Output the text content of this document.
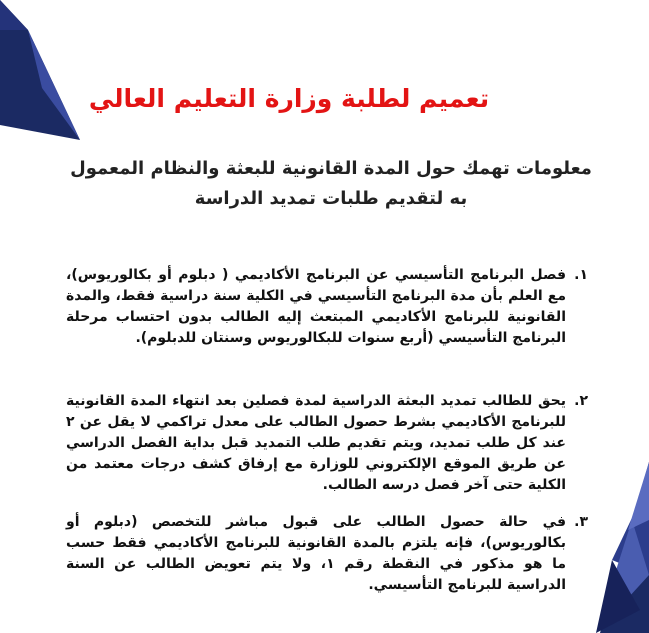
تعميم لطلبة وزارة التعليم العالي
معلومات تهمك حول المدة القانونية للبعثة والنظام المعمول به لتقديم طلبات تمديد الدراسة
١.
فصل البرنامج التأسيسي عن البرنامج الأكاديمي ( دبلوم أو بكالوريوس)، مع العلم بأن مدة البرنامج التأسيسي في الكلية سنة دراسية فقط، والمدة القانونية للبرنامج الأكاديمي المبتعث إليه الطالب بدون احتساب مرحلة البرنامج التأسيسي (أربع سنوات للبكالوريوس وسنتان للدبلوم).
٢.
يحق للطالب تمديد البعثة الدراسية لمدة فصلين بعد انتهاء المدة القانونية للبرنامج الأكاديمي بشرط حصول الطالب على معدل تراكمي لا يقل عن ٢ عند كل طلب تمديد، ويتم تقديم طلب التمديد قبل بداية الفصل الدراسي عن طريق الموقع الإلكتروني للوزارة مع إرفاق كشف درجات معتمد من الكلية حتى آخر فصل درسه الطالب.
٣.
في حالة حصول الطالب على قبول مباشر للتخصص (دبلوم أو بكالوريوس)، فإنه يلتزم بالمدة القانونية للبرنامج الأكاديمي فقط حسب ما هو مذكور في النقطة رقم ١، ولا يتم تعويض الطالب عن السنة الدراسية للبرنامج التأسيسي.
